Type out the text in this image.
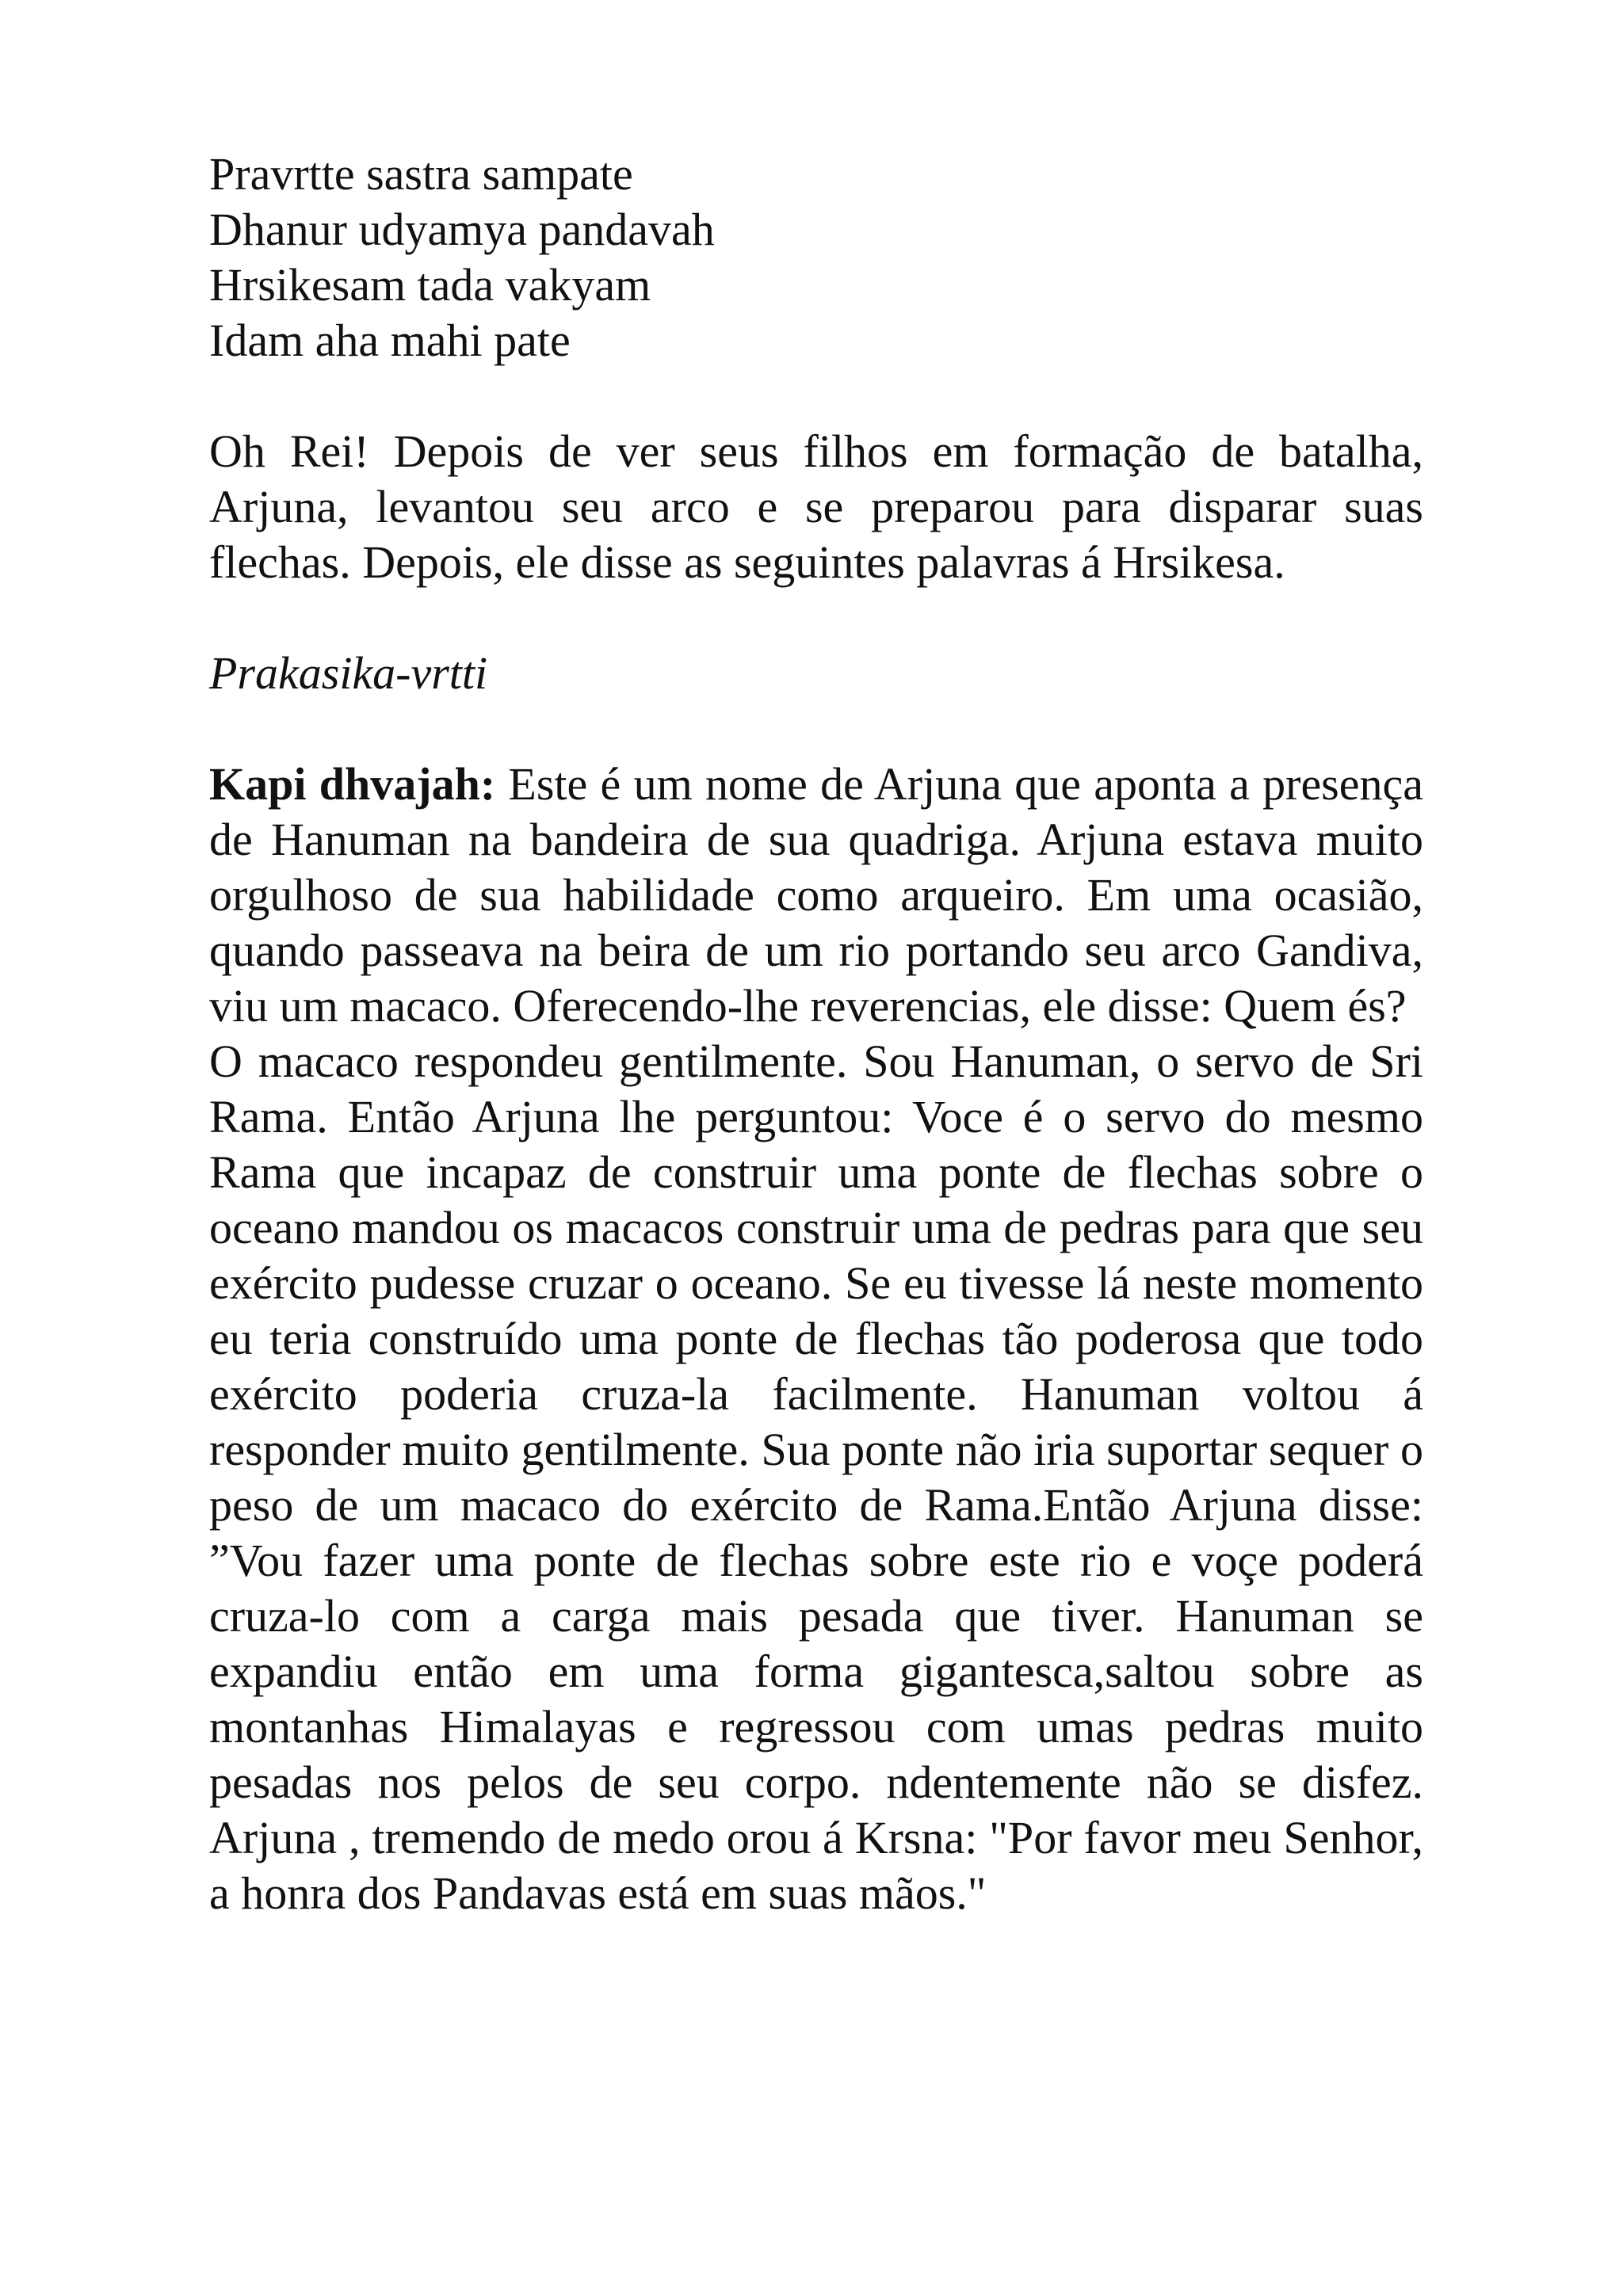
Pravrtte sastra sampate
Dhanur udyamya pandavah
Hrsikesam tada vakyam
Idam aha mahi pate

Oh Rei! Depois de ver seus filhos em formação de batalha, Arjuna, levantou seu arco e se preparou para disparar suas flechas. Depois, ele disse as seguintes palavras á Hrsikesa.

Prakasika-vrtti

Kapi dhvajah: Este é um nome de Arjuna que aponta a presença de Hanuman na bandeira de sua quadriga. Arjuna estava muito orgulhoso de sua habilidade como arqueiro. Em uma ocasião, quando passeava na beira de um rio portando seu arco Gandiva, viu um macaco. Oferecendo-lhe reverencias, ele disse: Quem és?

O macaco respondeu gentilmente. Sou Hanuman, o servo de Sri Rama. Então Arjuna lhe perguntou: Voce é o servo do mesmo Rama que incapaz de construir uma ponte de flechas sobre o oceano mandou os macacos construir uma de pedras para que seu exército pudesse cruzar o oceano. Se eu tivesse lá neste momento eu teria construído uma ponte de flechas tão poderosa que todo exército poderia cruza-la facilmente. Hanuman voltou á responder muito gentilmente. Sua ponte não iria suportar sequer o peso de um macaco do exército de Rama.Então Arjuna disse: ”Vou fazer uma ponte de flechas sobre este rio e voçe poderá cruza-lo com a carga mais pesada que tiver. Hanuman se expandiu então em uma forma gigantesca,saltou sobre as montanhas Himalayas e regressou com umas pedras muito pesadas nos pelos de seu corpo. ndentemente não se disfez. Arjuna , tremendo de medo orou á Krsna: "Por favor meu Senhor, a honra dos Pandavas está em suas mãos."
